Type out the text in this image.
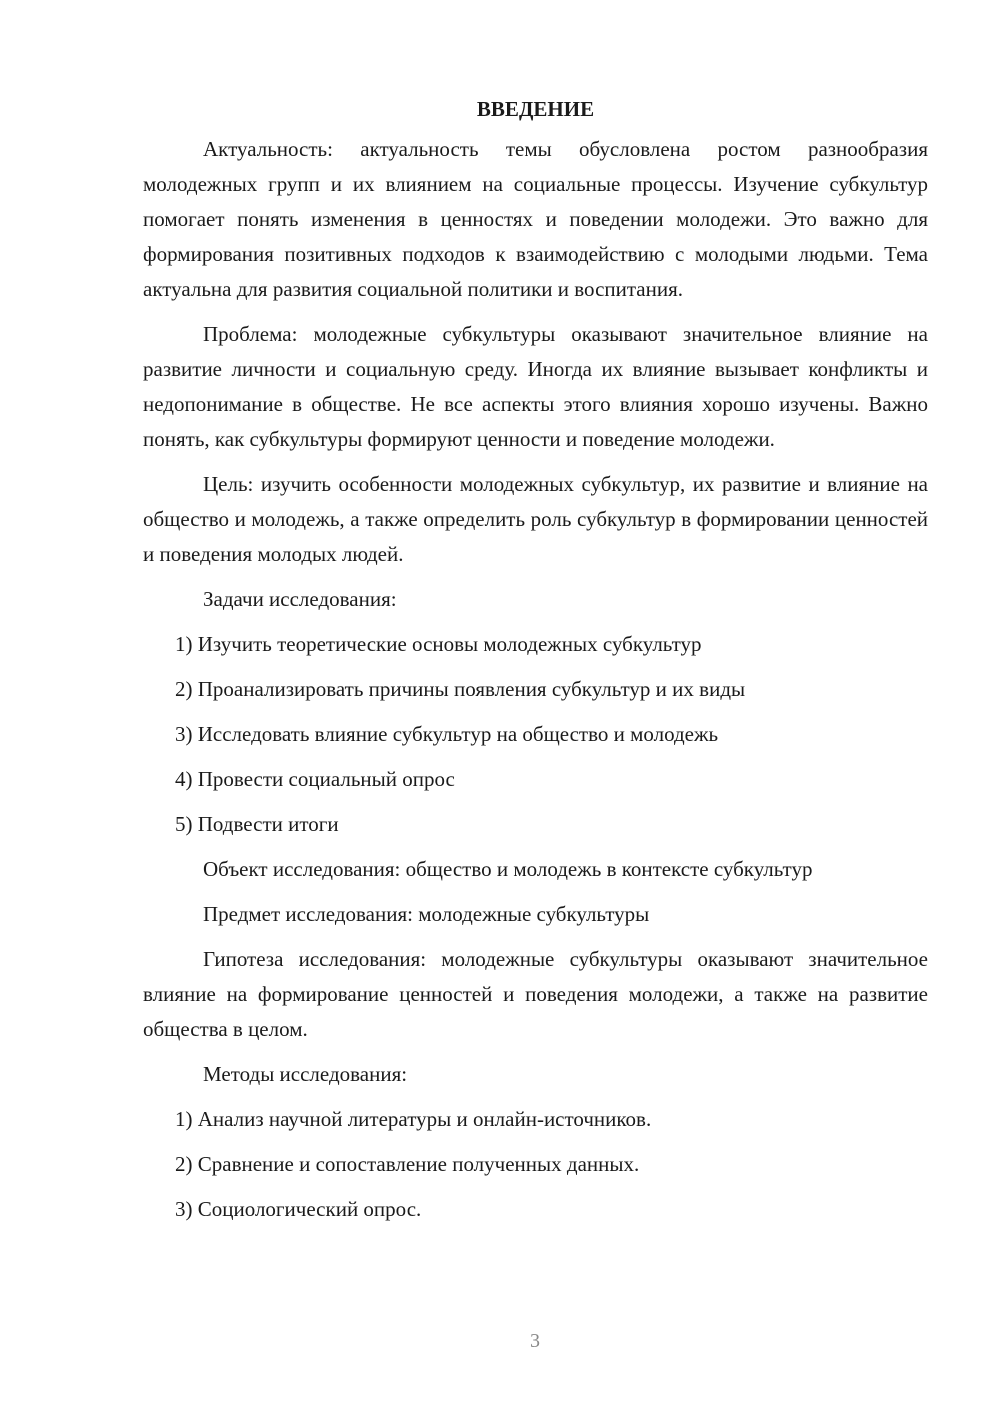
ВВЕДЕНИЕ

Актуальность: актуальность темы обусловлена ростом разнообразия молодежных групп и их влиянием на социальные процессы. Изучение субкультур помогает понять изменения в ценностях и поведении молодежи. Это важно для формирования позитивных подходов к взаимодействию с молодыми людьми. Тема актуальна для развития социальной политики и воспитания.

Проблема: молодежные субкультуры оказывают значительное влияние на развитие личности и социальную среду. Иногда их влияние вызывает конфликты и недопонимание в обществе. Не все аспекты этого влияния хорошо изучены. Важно понять, как субкультуры формируют ценности и поведение молодежи.

Цель: изучить особенности молодежных субкультур, их развитие и влияние на общество и молодежь, а также определить роль субкультур в формировании ценностей и поведения молодых людей.

Задачи исследования:
1) Изучить теоретические основы молодежных субкультур
2) Проанализировать причины появления субкультур и их виды
3) Исследовать влияние субкультур на общество и молодежь
4) Провести социальный опрос
5) Подвести итоги
Объект исследования: общество и молодежь в контексте субкультур
Предмет исследования: молодежные субкультуры

Гипотеза исследования: молодежные субкультуры оказывают значительное влияние на формирование ценностей и поведения молодежи, а также на развитие общества в целом.

Методы исследования:
1) Анализ научной литературы и онлайн-источников.
2) Сравнение и сопоставление полученных данных.
3) Социологический опрос.
3
